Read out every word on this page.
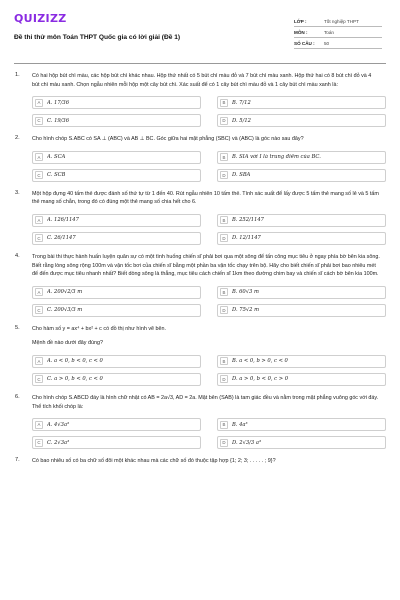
QUIZIZZ
Đề thi thử môn Toán THPT Quốc gia có lời giải (Đề 1)
LỚP :	Tốt nghiệp THPT
MÔN :	Toán
SỐ CÂU :	50
1.	Có hai hộp bút chì màu, các hộp bút chì khác nhau. Hộp thứ nhất có 5 bút chì màu đỏ và 7 bút chì màu xanh. Hộp thứ hai có 8 bút chì đỏ và 4 bút chì màu xanh. Chọn ngẫu nhiên mỗi hộp một cây bút chì. Xác suất để có 1 cây bút chì màu đỏ và 1 cây bút chì màu xanh là:
A	A. 17/36	B	B. 7/12
C	C. 19/36	D	D. 5/12
2.	Cho hình chóp S.ABC có SA ⊥ (ABC) và AB ⊥ BC. Góc giữa hai mặt phẳng (SBC) và (ABC) là góc nào sau đây?
A	A. SCA	B	B. SIA với I là trung điểm của BC.
C	C. SCB	D	D. SBA
3.	Một hộp đựng 40 tấm thẻ được đánh số thứ tự từ 1 đến 40. Rút ngẫu nhiên 10 tấm thẻ. Tính xác suất để lấy được 5 tấm thẻ mang số lẻ và 5 tấm thẻ mang số chẵn, trong đó có đúng một thẻ mang số chia hết cho 6.
A	A. 126/1147	B	B. 252/1147
C	C. 26/1147	D	D. 12/1147
4.	Trong bài thi thực hành huấn luyện quân sự có một tình huống chiến sĩ phải bơi qua một sông để tấn công mục tiêu ở ngay phía bờ bên kia sông. Biết rằng lòng sông rộng 100m và vận tốc bơi của chiến sĩ bằng một phần ba vận tốc chạy trên bộ. Hãy cho biết chiến sĩ phải bơi bao nhiêu mét để đến được mục tiêu nhanh nhất? Biết dòng sông là thẳng, mục tiêu cách chiến sĩ 1km theo đường chim bay và chiến sĩ cách bờ bên kia 100m.
A	A. 200√2/3 m	B	B. 60√3 m
C	C. 200√3/3 m	D	D. 75√2 m
5.	Cho hàm số y = ax⁴ + bx² + c có đồ thị như hình vẽ bên.
Mệnh đề nào dưới đây đúng?
A	A. a < 0, b < 0, c < 0	B	B. a < 0, b > 0, c < 0
C	C. a > 0, b < 0, c < 0	D	D. a > 0, b < 0, c > 0
6.	Cho hình chóp S.ABCD đáy là hình chữ nhật có AB = 2a√3, AD = 2a. Mặt bên (SAB) là tam giác đều và nằm trong mặt phẳng vuông góc với đáy. Thể tích khối chóp là:
A	A. 4√3a³	B	B. 4a³
C	C. 2√3a³	D	D. 2√3/3 a³
7.	Có bao nhiêu số có ba chữ số đôi một khác nhau mà các chữ số đó thuộc tập hợp {1; 2; 3; . . . . . ; 9}?
